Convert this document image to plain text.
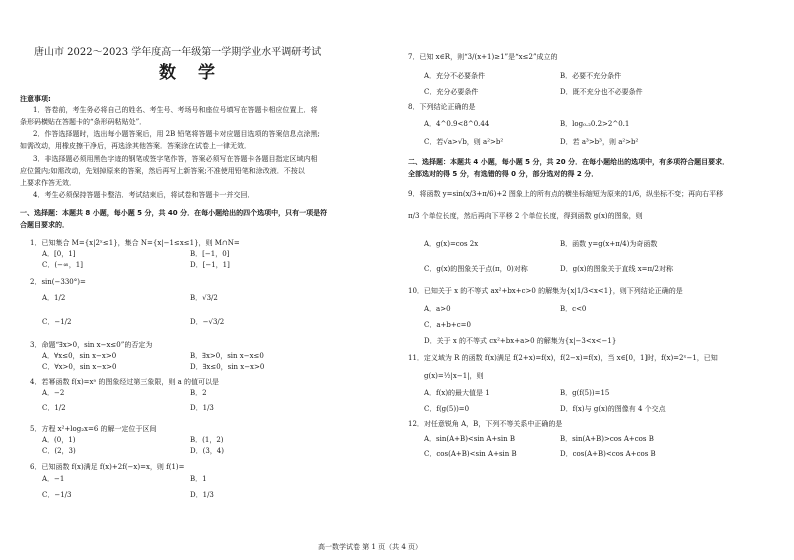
唐山市 2022～2023 学年度高一年级第一学期学业水平调研考试
数学
注意事项:
1．答卷前，考生务必将自己的姓名、考生号、考场号和座位号填写在答题卡相应位置上．将
条形码横贴在答题卡的“条形码粘贴处”．
2．作答选择题时，选出每小题答案后，用 2B 铅笔将答题卡对应题目选项的答案信息点涂黑;
如需改动，用橡皮擦干净后，再选涂其他答案．答案涂在试卷上一律无效．
3．非选择题必须用黑色字迹的钢笔或签字笔作答，答案必须写在答题卡各题目指定区域内相
应位置内;如需改动，先划掉原来的答案，然后再写上新答案;不准使用铅笔和涂改液．不按以
上要求作答无效．
4．考生必须保持答题卡整洁．考试结束后，将试卷和答题卡一并交回．
一、选择题：本题共 8 小题，每小题 5 分，共 40 分．在每小题给出的四个选项中，只有一项是符
合题目要求的．
1．已知集合 M={x|2ˣ≤1}，集合 N={x|−1≤x≤1}，则 M∩N=
A．[0，1]	B．[−1，0]
C．(−∞，1]	D．[−1，1]
2．sin(−330°)=
A．1/2	B．√3/2
C．−1/2	D．−√3/2
3．命题“∃x>0，sin x−x≤0”的否定为
A．∀x≤0，sin x−x>0	B．∃x>0，sin x−x≤0
C．∀x>0，sin x−x>0	D．∃x≤0，sin x−x>0
4．若幂函数 f(x)=xᵃ 的图象经过第三象限，则 a 的值可以是
A．−2	B．2
C．1/2	D．1/3
5．方程 x²+log₂x=6 的解一定位于区间
A．(0，1)	B．(1，2)
C．(2，3)	D．(3，4)
6．已知函数 f(x)满足 f(x)+2f(−x)=x，则 f(1)=
A．−1	B．1
C．−1/3	D．1/3
7．已知 x∈R，则“3/(x+1)≥1”是“x≤2”成立的
A．充分不必要条件	B．必要不充分条件
C．充分必要条件	D．既不充分也不必要条件
8．下列结论正确的是
A．4^0.9<8^0.44	B．log₀.₂0.2>2^0.1
C．若√a>√b，则 a²>b²	D．若 a³>b³，则 a²>b²
二、选择题：本题共 4 小题，每小题 5 分，共 20 分．在每小题给出的选项中，有多项符合题目要求．
全部选对的得 5 分，有选错的得 0 分，部分选对的得 2 分．
9．将函数 y=sin(x/3+π/6)+2 图象上的所有点的横坐标缩短为原来的1/6，纵坐标不变；再向右平移
π/3 个单位长度，然后再向下平移 2 个单位长度，得到函数 g(x)的图象，则
A．g(x)=cos 2x	B．函数 y=g(x+π/4)为奇函数
C．g(x)的图象关于点(π，0)对称	D．g(x)的图象关于直线 x=π/2对称
10．已知关于 x 的不等式 ax²+bx+c>0 的解集为{x|1/3<x<1}，则下列结论正确的是
A．a>0	B．c<0
C．a+b+c=0
D．关于 x 的不等式 cx²+bx+a>0 的解集为{x|−3<x<−1}
11．定义域为 R 的函数 f(x)满足 f(2+x)=f(x)，f(2−x)=f(x)，当 x∈[0，1]时，f(x)=2ˣ−1，已知
g(x)=½|x−1|，则
A．f(x)的最大值是 1	B．g(f(5))=15
C．f(g(5))=0	D．f(x)与 g(x)的图像有 4 个交点
12．对任意锐角 A，B，下列不等关系中正确的是
A．sin(A+B)<sin A+sin B	B．sin(A+B)>cos A+cos B
C．cos(A+B)<sin A+sin B	D．cos(A+B)<cos A+cos B
高一数学试卷 第 1 页（共 4 页）
